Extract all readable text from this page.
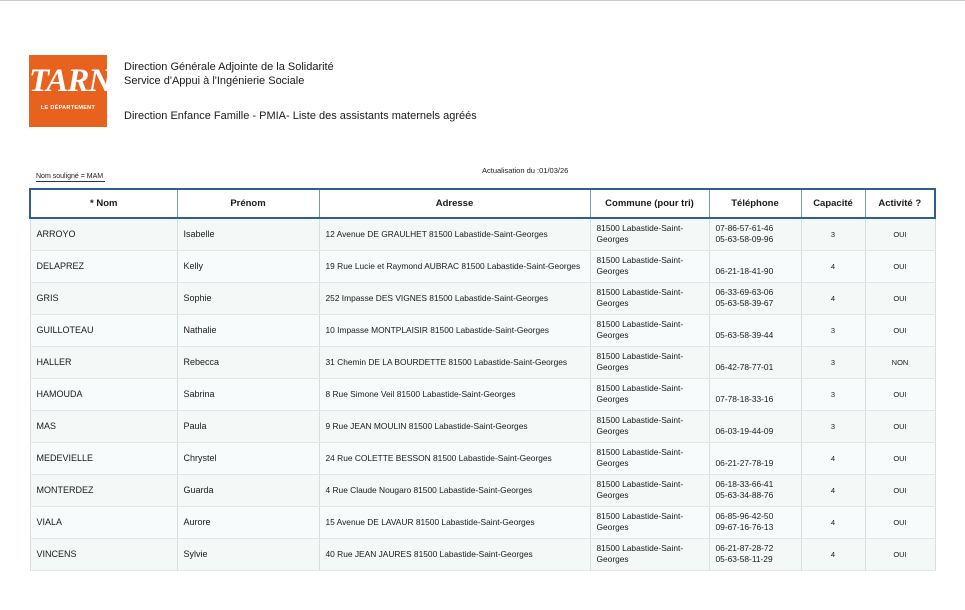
TARN
LE DÉPARTEMENT
Direction Générale Adjointe de la Solidarité
Service d'Appui à l'Ingénierie Sociale
Direction Enfance Famille - PMIA- Liste des assistants maternels agréés
Nom souligné = MAM
Actualisation du :01/03/26
* Nom	Prénom	Adresse	Commune (pour tri)	Téléphone	Capacité	Activité ?
ARROYO	Isabelle	12 Avenue DE GRAULHET 81500 Labastide-Saint-Georges	81500 Labastide-Saint-Georges	07-86-57-61-46
05-63-58-09-96	3	OUI
DELAPREZ	Kelly	19 Rue Lucie et Raymond AUBRAC 81500 Labastide-Saint-Georges	81500 Labastide-Saint-Georges	06-21-18-41-90	4	OUI
GRIS	Sophie	252 Impasse DES VIGNES 81500 Labastide-Saint-Georges	81500 Labastide-Saint-Georges	06-33-69-63-06
05-63-58-39-67	4	OUI
GUILLOTEAU	Nathalie	10 Impasse MONTPLAISIR 81500 Labastide-Saint-Georges	81500 Labastide-Saint-Georges	05-63-58-39-44	3	OUI
HALLER	Rebecca	31 Chemin DE LA BOURDETTE 81500 Labastide-Saint-Georges	81500 Labastide-Saint-Georges	06-42-78-77-01	3	NON
HAMOUDA	Sabrina	8 Rue Simone Veil 81500 Labastide-Saint-Georges	81500 Labastide-Saint-Georges	07-78-18-33-16	3	OUI
MAS	Paula	9 Rue JEAN MOULIN 81500 Labastide-Saint-Georges	81500 Labastide-Saint-Georges	06-03-19-44-09	3	OUI
MEDEVIELLE	Chrystel	24 Rue COLETTE BESSON 81500 Labastide-Saint-Georges	81500 Labastide-Saint-Georges	06-21-27-78-19	4	OUI
MONTERDEZ	Guarda	4 Rue Claude Nougaro 81500 Labastide-Saint-Georges	81500 Labastide-Saint-Georges	06-18-33-66-41
05-63-34-88-76	4	OUI
VIALA	Aurore	15 Avenue DE LAVAUR 81500 Labastide-Saint-Georges	81500 Labastide-Saint-Georges	06-85-96-42-50
09-67-16-76-13	4	OUI
VINCENS	Sylvie	40 Rue JEAN JAURES 81500 Labastide-Saint-Georges	81500 Labastide-Saint-Georges	06-21-87-28-72
05-63-58-11-29	4	OUI
